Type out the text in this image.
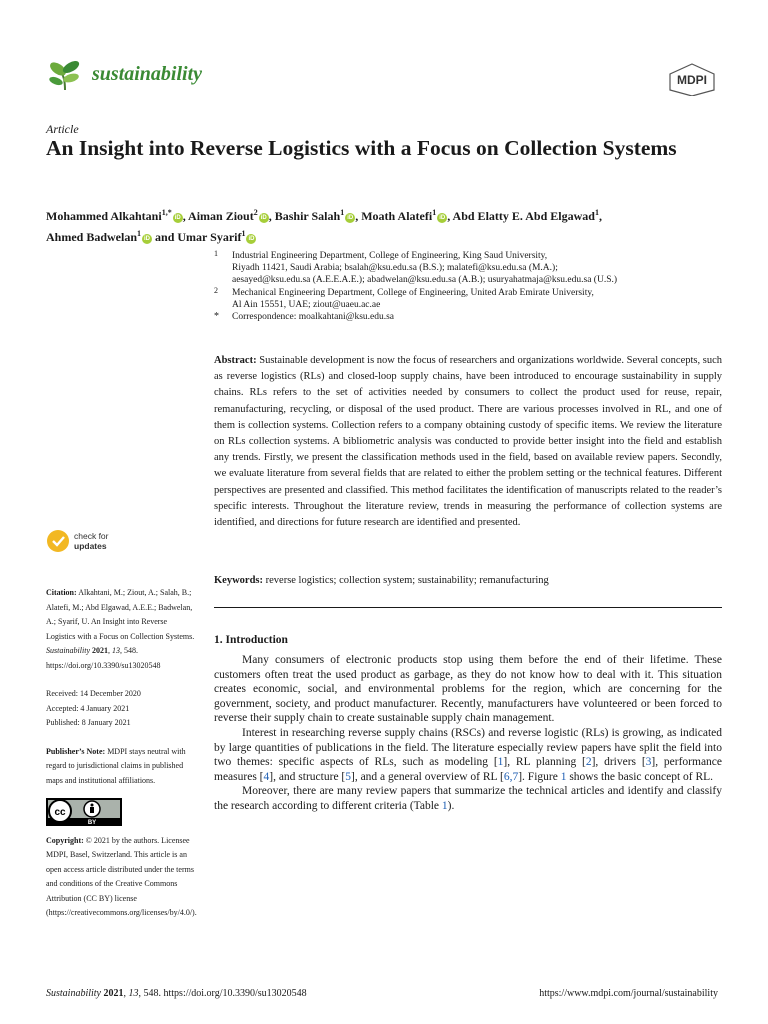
sustainability	MDPI
Article
An Insight into Reverse Logistics with a Focus on Collection Systems
Mohammed Alkahtani$^{1,*}$iD , Aiman Ziout$^2$iD , Bashir Salah$^1$iD , Moath Alatefi$^1$iD , Abd Elatty E. Abd Elgawad$^1$,
Ahmed Badwelan$^1$iD and Umar Syarif$^1$iD
1 Industrial Engineering Department, College of Engineering, King Saud University,
Riyadh 11421, Saudi Arabia; bsalah@ksu.edu.sa (B.S.); malatefi@ksu.edu.sa (M.A.);
aesayed@ksu.edu.sa (A.E.E.A.E.); abadwelan@ksu.edu.sa (A.B.); usuryahatmaja@ksu.edu.sa (U.S.)
2 Mechanical Engineering Department, College of Engineering, United Arab Emirate University,
Al Ain 15551, UAE; ziout@uaeu.ac.ae
* Correspondence: moalkahtani@ksu.edu.sa

Abstract: Sustainable development is now the focus of researchers and organizations worldwide. Several concepts, such as reverse logistics (RLs) and closed-loop supply chains, have been introduced to encourage sustainability in supply chains. RLs refers to the set of activities needed by consumers to collect the product used for reuse, repair, remanufacturing, recycling, or disposal of the used product. There are various processes involved in RL, and one of them is collection systems. Collection refers to a company obtaining custody of specific items. We review the literature on RLs collection systems. A bibliometric analysis was conducted to provide better insight into the field and establish any trends. Firstly, we present the classification methods used in the field, based on available review papers. Secondly, we evaluate literature from several fields that are related to either the problem setting or the technical features. Different perspectives are presented and classified. This method facilitates the identification of manuscripts related to the reader’s specific interests. Throughout the literature review, trends in measuring the performance of collection systems are identified, and directions for future research are identified and presented.

Keywords: reverse logistics; collection system; sustainability; remanufacturing

check for
updates

Citation: Alkahtani, M.; Ziout, A.; Salah, B.; Alatefi, M.; Abd Elgawad, A.E.E.; Badwelan, A.; Syarif, U. An Insight into Reverse Logistics with a Focus on Collection Systems. Sustainability 2021, 13, 548. https://doi.org/10.3390/su13020548

Received: 14 December 2020

Accepted: 4 January 2021

Published: 8 January 2021

Publisher’s Note: MDPI stays neutral with regard to jurisdictional claims in published maps and institutional affiliations.

cc
BY

Copyright: © 2021 by the authors. Licensee MDPI, Basel, Switzerland. This article is an open access article distributed under the terms and conditions of the Creative Commons Attribution (CC BY) license (https://creativecommons.org/licenses/by/4.0/).

1. Introduction

Many consumers of electronic products stop using them before the end of their lifetime. These customers often treat the used product as garbage, as they do not know how to deal with it. This situation creates economic, social, and environmental problems for the region, which are concerning for the government, society, and product manufacturer. Recently, manufacturers have volunteered or been forced to reverse their supply chain to create sustainable supply chain management.

Interest in researching reverse supply chains (RSCs) and reverse logistic (RLs) is growing, as indicated by large quantities of publications in the field. The literature especially review papers have split the field into two themes: specific aspects of RLs, such as modeling [1], RL planning [2], drivers [3], performance measures [4], and structure [5], and a general overview of RL [6,7]. Figure 1 shows the basic concept of RL.

Moreover, there are many review papers that summarize the technical articles and identify and classify the research according to different criteria (Table 1).

Sustainability 2021, 13, 548. https://doi.org/10.3390/su13020548	https://www.mdpi.com/journal/sustainability
